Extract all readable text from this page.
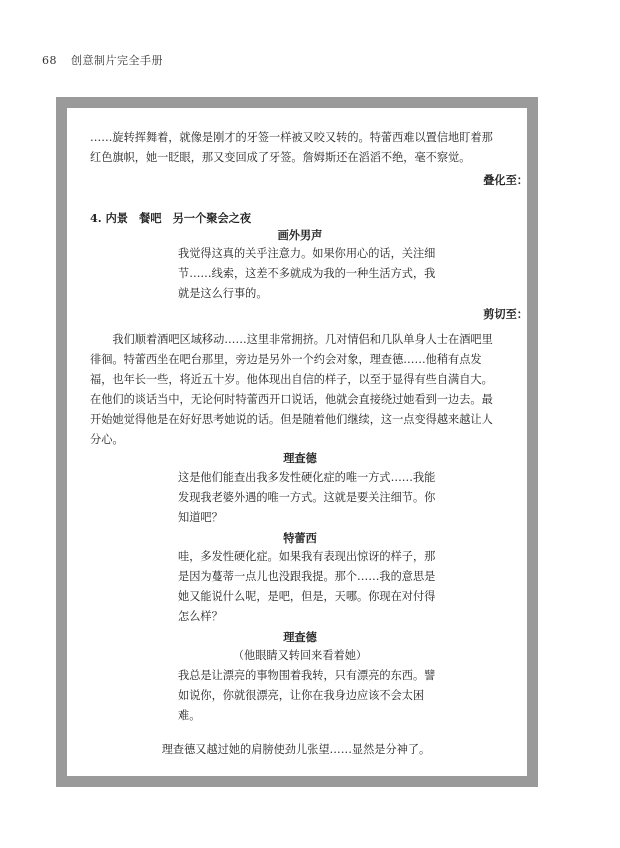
68 创意制片完全手册
……旋转挥舞着，就像是刚才的牙签一样被又咬又转的。特蕾西难以置信地盯着那红色旗帜，她一眨眼，那又变回成了牙签。詹姆斯还在滔滔不绝，毫不察觉。
叠化至：
4. 内景　餐吧　另一个聚会之夜
画外男声
我觉得这真的关乎注意力。如果你用心的话，关注细节……线索，这差不多就成为我的一种生活方式，我就是这么行事的。
剪切至：
我们顺着酒吧区域移动……这里非常拥挤。几对情侣和几队单身人士在酒吧里徘徊。特蕾西坐在吧台那里，旁边是另外一个约会对象，理查德……他稍有点发福，也年长一些，将近五十岁。他体现出自信的样子，以至于显得有些自满自大。在他们的谈话当中，无论何时特蕾西开口说话，他就会直接绕过她看到一边去。最开始她觉得他是在好好思考她说的话。但是随着他们继续，这一点变得越来越让人分心。
理查德
这是他们能查出我多发性硬化症的唯一方式……我能发现我老婆外遇的唯一方式。这就是要关注细节。你知道吧？
特蕾西
哇，多发性硬化症。如果我有表现出惊讶的样子，那是因为蔓蒂一点儿也没跟我提。那个……我的意思是她又能说什么呢，是吧，但是，天哪。你现在对付得怎么样？
理查德
（他眼睛又转回来看着她）
我总是让漂亮的事物围着我转，只有漂亮的东西。譬如说你，你就很漂亮，让你在我身边应该不会太困难。
理查德又越过她的肩膀使劲儿张望……显然是分神了。
